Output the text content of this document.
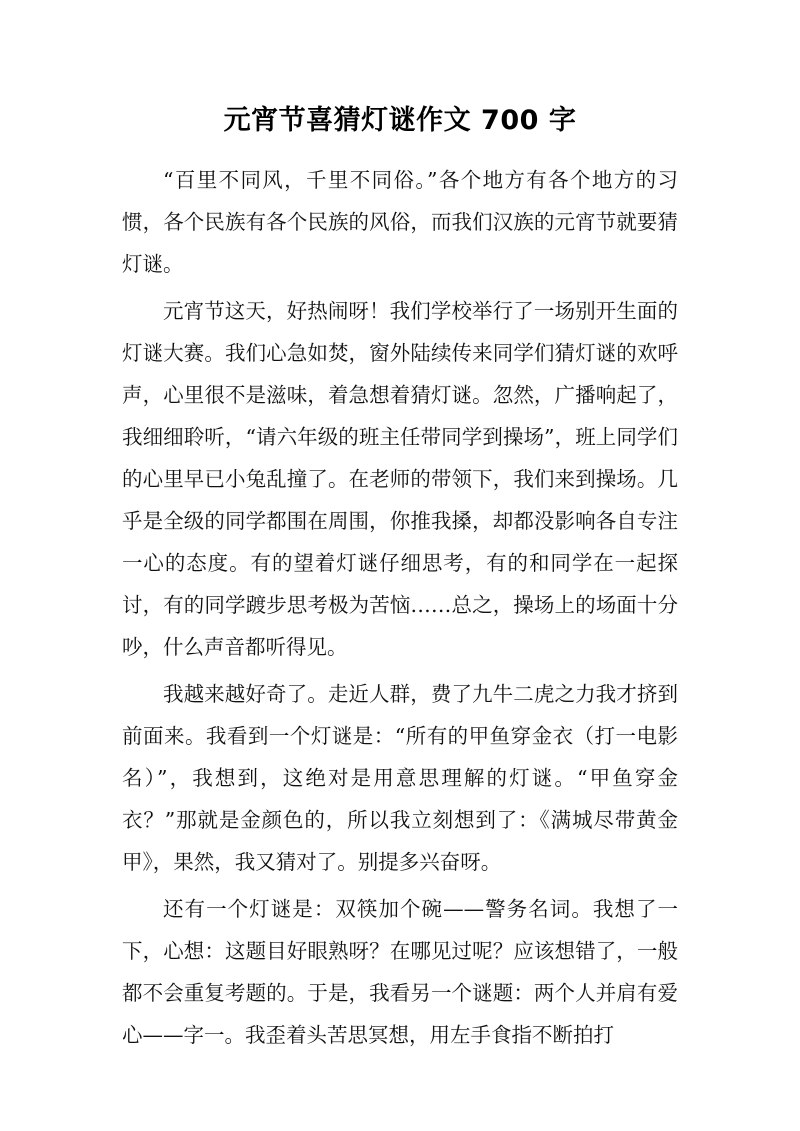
元宵节喜猜灯谜作文 700 字

“百里不同风，千里不同俗。”各个地方有各个地方的习惯，各个民族有各个民族的风俗，而我们汉族的元宵节就要猜灯谜。

元宵节这天，好热闹呀！我们学校举行了一场别开生面的灯谜大赛。我们心急如焚，窗外陆续传来同学们猜灯谜的欢呼声，心里很不是滋味，着急想着猜灯谜。忽然，广播响起了，我细细聆听，“请六年级的班主任带同学到操场”，班上同学们的心里早已小兔乱撞了。在老师的带领下，我们来到操场。几乎是全级的同学都围在周围，你推我搡，却都没影响各自专注一心的态度。有的望着灯谜仔细思考，有的和同学在一起探讨，有的同学踱步思考极为苦恼……总之，操场上的场面十分吵，什么声音都听得见。

我越来越好奇了。走近人群，费了九牛二虎之力我才挤到前面来。我看到一个灯谜是：“所有的甲鱼穿金衣（打一电影名）”，我想到，这绝对是用意思理解的灯谜。“甲鱼穿金衣？”那就是金颜色的，所以我立刻想到了：《满城尽带黄金甲》，果然，我又猜对了。别提多兴奋呀。

还有一个灯谜是：双筷加个碗——警务名词。我想了一下，心想：这题目好眼熟呀？在哪见过呢？应该想错了，一般都不会重复考题的。于是，我看另一个谜题：两个人并肩有爱心——字一。我歪着头苦思冥想，用左手食指不断拍打
